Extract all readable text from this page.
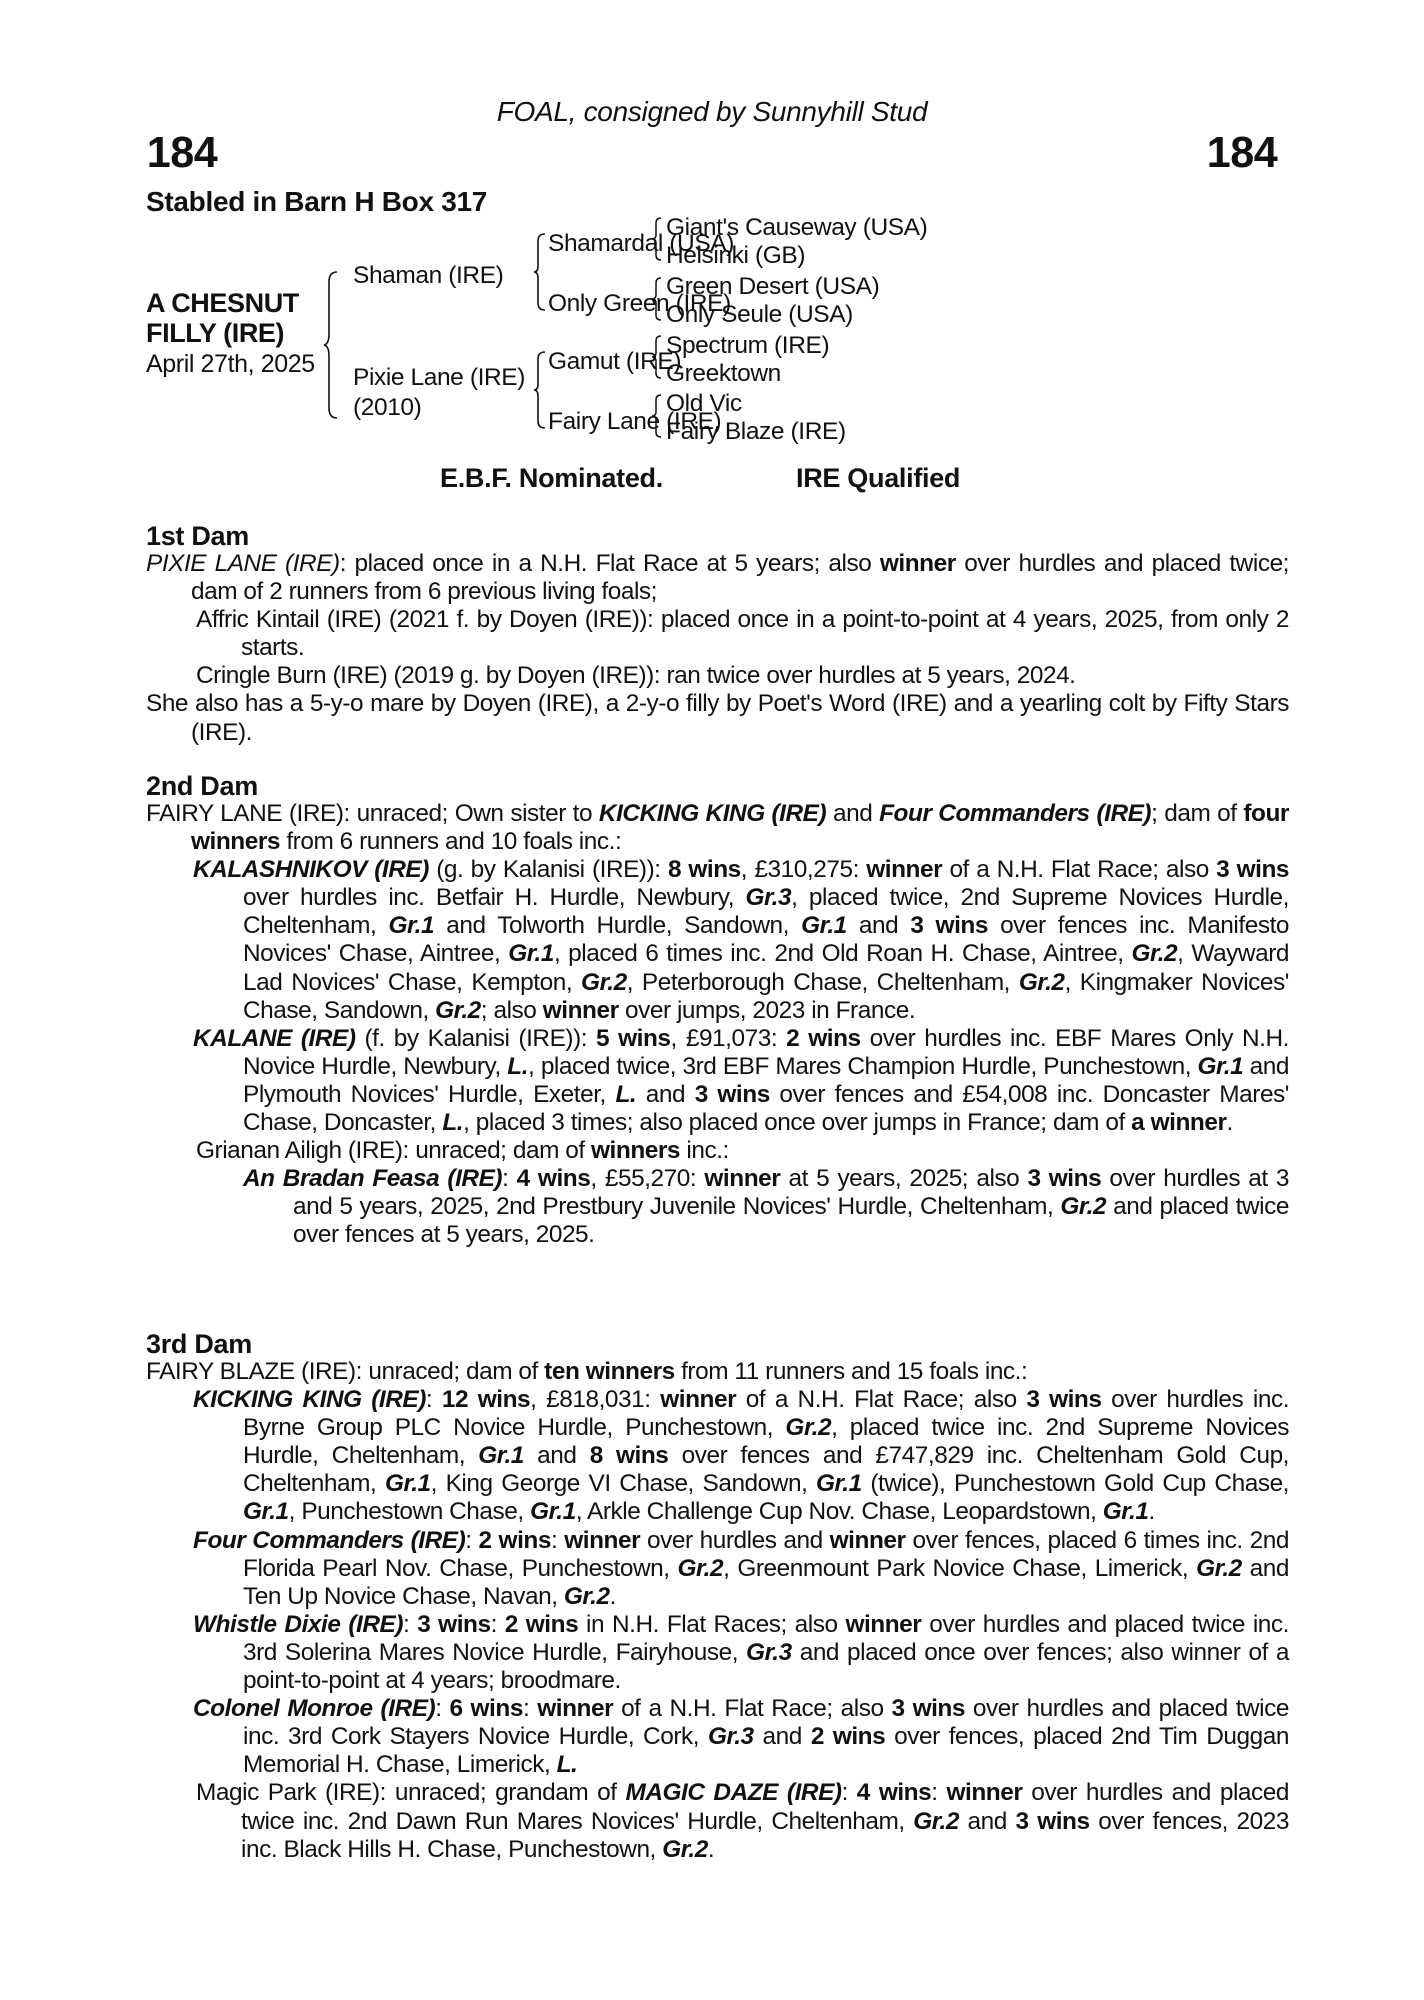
FOAL, consigned by Sunnyhill Stud
184	184
Stabled in Barn H Box 317
A CHESNUT
FILLY (IRE)
April 27th, 2025
Shaman (IRE)
Pixie Lane (IRE)
(2010)
Shamardal (USA)
Only Green (IRE)
Gamut (IRE)
Fairy Lane (IRE)
Giant's Causeway (USA)
Helsinki (GB)
Green Desert (USA)
Only Seule (USA)
Spectrum (IRE)
Greektown
Old Vic
Fairy Blaze (IRE)
E.B.F. Nominated.	IRE Qualified

1st Dam

PIXIE LANE (IRE): placed once in a N.H. Flat Race at 5 years; also winner over hurdles and placed twice; dam of 2 runners from 6 previous living foals;

Affric Kintail (IRE) (2021 f. by Doyen (IRE)): placed once in a point-to-point at 4 years, 2025, from only 2 starts.

Cringle Burn (IRE) (2019 g. by Doyen (IRE)): ran twice over hurdles at 5 years, 2024.

She also has a 5-y-o mare by Doyen (IRE), a 2-y-o filly by Poet's Word (IRE) and a yearling colt by Fifty Stars (IRE).

2nd Dam

FAIRY LANE (IRE): unraced; Own sister to KICKING KING (IRE) and Four Commanders (IRE); dam of four winners from 6 runners and 10 foals inc.:

KALASHNIKOV (IRE) (g. by Kalanisi (IRE)): 8 wins, £310,275: winner of a N.H. Flat Race; also 3 wins over hurdles inc. Betfair H. Hurdle, Newbury, Gr.3, placed twice, 2nd Supreme Novices Hurdle, Cheltenham, Gr.1 and Tolworth Hurdle, Sandown, Gr.1 and 3 wins over fences inc. Manifesto Novices' Chase, Aintree, Gr.1, placed 6 times inc. 2nd Old Roan H. Chase, Aintree, Gr.2, Wayward Lad Novices' Chase, Kempton, Gr.2, Peterborough Chase, Cheltenham, Gr.2, Kingmaker Novices' Chase, Sandown, Gr.2; also winner over jumps, 2023 in France.

KALANE (IRE) (f. by Kalanisi (IRE)): 5 wins, £91,073: 2 wins over hurdles inc. EBF Mares Only N.H. Novice Hurdle, Newbury, L., placed twice, 3rd EBF Mares Champion Hurdle, Punchestown, Gr.1 and Plymouth Novices' Hurdle, Exeter, L. and 3 wins over fences and £54,008 inc. Doncaster Mares' Chase, Doncaster, L., placed 3 times; also placed once over jumps in France; dam of a winner.

Grianan Ailigh (IRE): unraced; dam of winners inc.:

An Bradan Feasa (IRE): 4 wins, £55,270: winner at 5 years, 2025; also 3 wins over hurdles at 3 and 5 years, 2025, 2nd Prestbury Juvenile Novices' Hurdle, Cheltenham, Gr.2 and placed twice over fences at 5 years, 2025.

3rd Dam

FAIRY BLAZE (IRE): unraced; dam of ten winners from 11 runners and 15 foals inc.:

KICKING KING (IRE): 12 wins, £818,031: winner of a N.H. Flat Race; also 3 wins over hurdles inc. Byrne Group PLC Novice Hurdle, Punchestown, Gr.2, placed twice inc. 2nd Supreme Novices Hurdle, Cheltenham, Gr.1 and 8 wins over fences and £747,829 inc. Cheltenham Gold Cup, Cheltenham, Gr.1, King George VI Chase, Sandown, Gr.1 (twice), Punchestown Gold Cup Chase, Gr.1, Punchestown Chase, Gr.1, Arkle Challenge Cup Nov. Chase, Leopardstown, Gr.1.

Four Commanders (IRE): 2 wins: winner over hurdles and winner over fences, placed 6 times inc. 2nd Florida Pearl Nov. Chase, Punchestown, Gr.2, Greenmount Park Novice Chase, Limerick, Gr.2 and Ten Up Novice Chase, Navan, Gr.2.

Whistle Dixie (IRE): 3 wins: 2 wins in N.H. Flat Races; also winner over hurdles and placed twice inc. 3rd Solerina Mares Novice Hurdle, Fairyhouse, Gr.3 and placed once over fences; also winner of a point-to-point at 4 years; broodmare.

Colonel Monroe (IRE): 6 wins: winner of a N.H. Flat Race; also 3 wins over hurdles and placed twice inc. 3rd Cork Stayers Novice Hurdle, Cork, Gr.3 and 2 wins over fences, placed 2nd Tim Duggan Memorial H. Chase, Limerick, L.

Magic Park (IRE): unraced; grandam of MAGIC DAZE (IRE): 4 wins: winner over hurdles and placed twice inc. 2nd Dawn Run Mares Novices' Hurdle, Cheltenham, Gr.2 and 3 wins over fences, 2023 inc. Black Hills H. Chase, Punchestown, Gr.2.
